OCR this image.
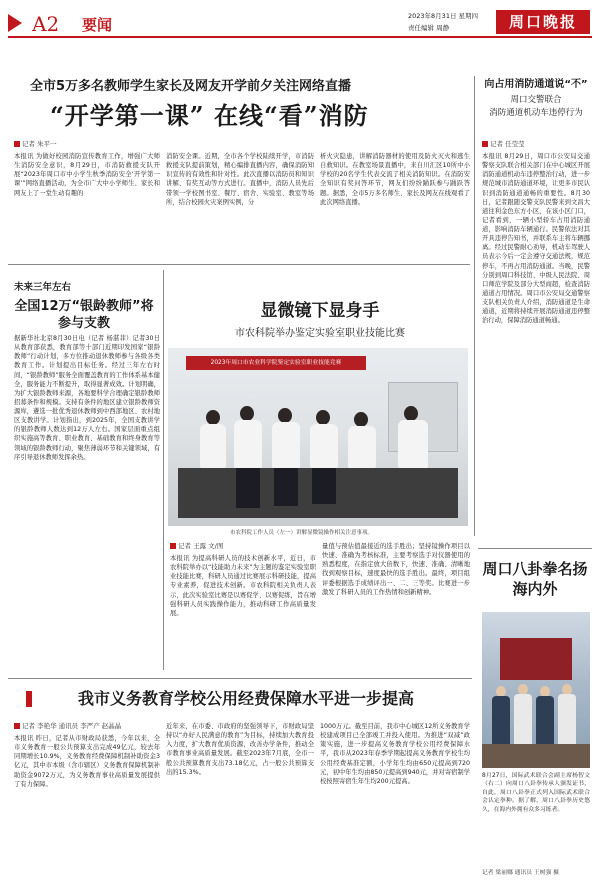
A2 要闻	2023年8月31日 星期四
责任编辑 周静	周口晚报
全市5万多名教师学生家长及网友开学前夕关注网络直播
“开学第一课” 在线“看”消防
记者 朱平一
本报讯 为做好校园消防宣传教育工作，增强广大师生消防安全意识，8月29日，市消防救援支队开展“2023年周口市中小学生秋季消防安全‘开学第一课’”网络直播活动，为全市广大中小学师生、家长和网友上了一堂生动有趣的
消防安全课。近期，全市各个学校陆续开学，市消防救援支队提前策划，精心编排直播内容，确保消防知识宣传的有效性和针对性。此次直播以消防员和知识讲解、有奖互动等方式进行。直播中，消防人员先后带领一学校图书室、餐厅、宿舍、实验室、教室等场所，结合校园火灾案例实例，分
析火灾隐患，讲解消防器材的使用及防火灭火和逃生自救知识。在教室场景直播中，来自川汇区10所中小学校的20名学生代表交流了相关消防知识。在消防安全知识有奖问答环节，网友们纷纷踊跃参与踊跃答题。据悉，全市5万多名师生、家长及网友在线观看了此次网络直播。
向占用消防通道说“不”
周口交警联合
消防通道机动车违停行为
记者 任莹莹
本报讯 8月29日，周口市公安局交通警察支队联合相关部门在中心城区开展消防通道机动车违停整治行动，进一步规范城市消防通道环境，让更多市民认识到消防通道通畅的重要性。8月30日，记者跟随交警支队民警来到文昌大道往利金色东方小区，在该小区门口，记者看到，一辆小型轿车占用消防通道，影响消防车辆通行。民警依法对其开具违停告知书，并联系车主将车辆挪离。经过民警耐心劝导，机动车驾驶人员表示今后一定会遵守交通法规，规范停车，不再占用消防通道。当晚，民警分别到周口科技馆、中级人民法院、周口师范学院及部分大型商超，检查消防通道占用情况。周口市公安局交通警察支队相关负责人介绍，消防通道是生命通道，近期将持续开展消防通道违停整治行动，保障消防通道畅通。
未来三年左右
全国12万“银龄教师”将参与支教
据新华社北京8月30日电（记者 杨湛菲）记者30日从教育部获悉，教育部等十部门近期印发国家“银龄教师”行动计划，多方位推动退休教师参与各级各类教育工作。计划提出目标任务。经过三年左右时间，“银龄教师”服务全面覆盖教育的工作体系基本健全，服务能力不断提升，取得显著成效。计划明确，为扩大银龄教师来源，各地要科学合理确定银龄教师招募条件和规模。支持有条件的地区建立银龄教师资源库，遴选一批优秀退休教师到中西部地区、农村地区支教讲学。计划指出，到2025年，全国支教讲学的银龄教师人数达到12万人左右。国家层面重点组织实施高等教育、职业教育、基础教育和终身教育等领域的银龄教师行动，聚焦薄弱环节和关键领域，有序引导退休教师发挥余热。
显微镜下显身手
市农科院举办鉴定实验室职业技能比赛
2023年周口市农业科学院鉴定实验室职业技能竞赛
市农科院工作人员（左一）讲解显微镜操作相关注意事项。
记者 王露 文/图
本报讯 为提高科研人员的技术创新水平，近日，市农科院举办以“技能助力未来”为主题的鉴定实验室职业技能比赛，科研人员通过比赛展示科研技能，提高专业素养，促进技术创新。市农科院相关负责人表示，此次实验室比赛是以赛促学、以赛促练，旨在增强科研人员实践操作能力，推动科研工作高质量发展。
量值与预估值最接近的选手胜出；坚持镜操作项目以快速、准确为考核标准，主要考察选手对仪器使用的熟悉程度，在指定放大倍数下，快速、准确、清晰地找到观察目标，速度最快的选手胜出。最终，项目组评委根据选手成绩评出一、二、三等奖。比赛进一步激发了科研人员的工作热情和创新精神。
周口八卦拳名扬海内外
8月27日，国际武术联合会副主席杨智文（右二）向周口八卦拳传承人颁发证书，自此，周口八卦拳正式列入国际武术联合会认定拳种。据了解，周口八卦拳历史悠久，在海内外拥有众多习练者。
记者 梁丽娜 通讯员 王树强 摄
我市义务教育学校公用经费保障水平进一步提高
记者 李艳华 通讯员 李严产 赵晶晶
本报讯 昨日，记者从市财政局获悉，今年以来，全市义务教育一般公共预算支出完成49亿元，较去年同期增长10.9%，义务教育经费保障机制补助资金3亿元，其中市本级（含市辖区）义务教育保障机制补助资金9072万元，为义务教育事业高质量发展提供了有力保障。
近年来，在市委、市政府的坚强领导下，市财政局坚持以“办好人民满意的教育”为目标，持续加大教育投入力度，扩大教育优质资源，改善办学条件，推动全市教育事业高质量发展。截至2023年7月底，全市一般公共预算教育支出73.18亿元，占一般公共预算支出的15.3%。
1000万元。截至目前，我市中心城区12所义务教育学校建成项目已全部竣工并投入使用。为推进“双减”政策实施，进一步提高义务教育学校公用经费保障水平，我市从2023年春季学期起提高义务教育学校生均公用经费基准定额，小学年生均由650元提高到720元，初中年生均由850元提高到940元，并对寄宿制学校按照寄宿生年生均200元提高。
